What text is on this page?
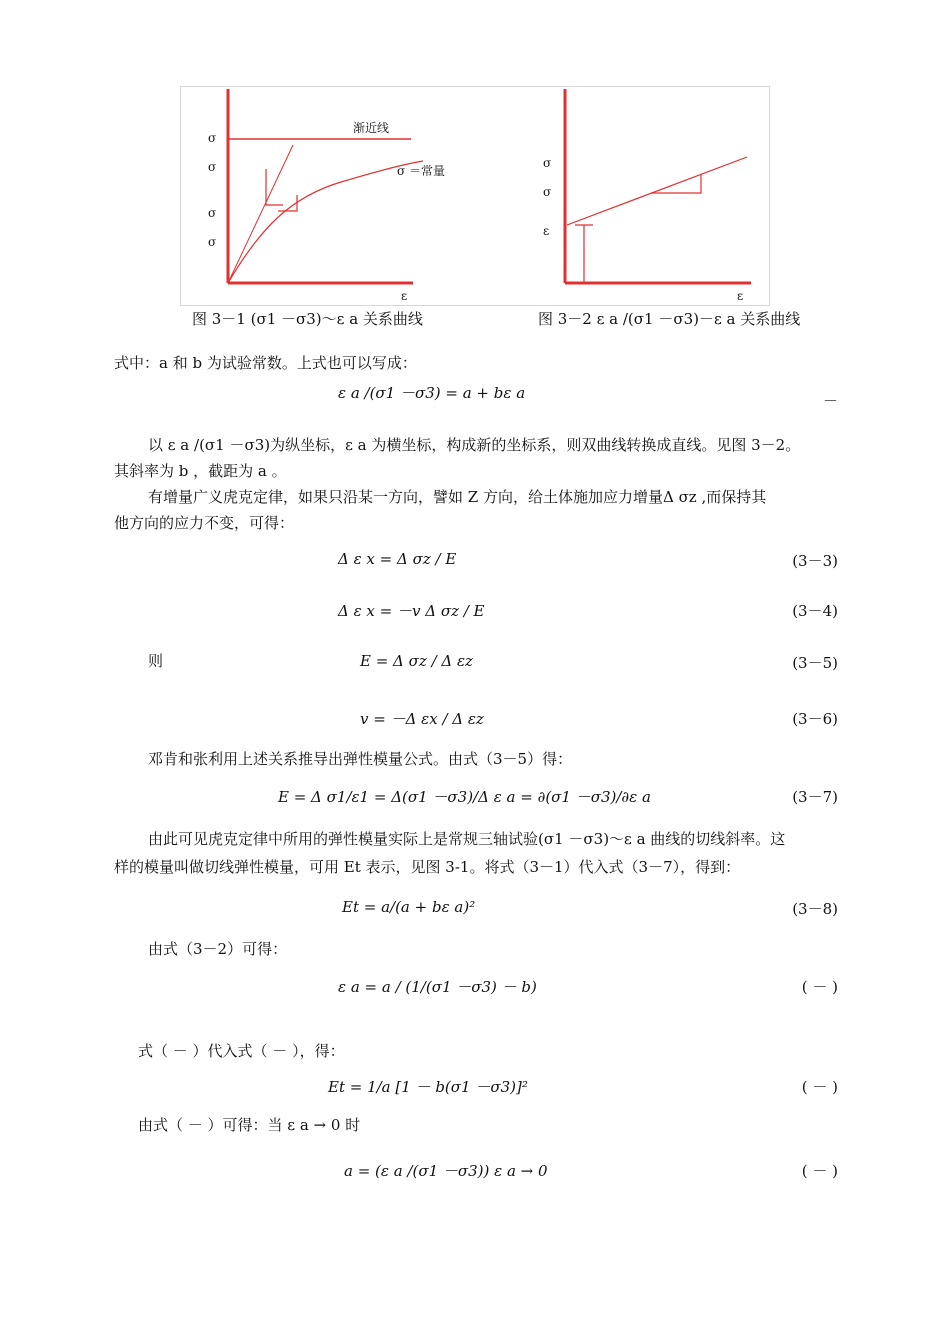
渐近线
σ ＝常量
σ
σ
σ
σ
ε
σ
σ
ε
ε
图 3－1 (σ1 －σ3)～ε a 关系曲线	图 3－2 ε a /(σ1 －σ3)－ε a 关系曲线
式中：a 和 b 为试验常数。上式也可以写成：
ε a /(σ1 －σ3) = a + bε a	－
以 ε a /(σ1 －σ3)为纵坐标，ε a 为横坐标，构成新的坐标系，则双曲线转换成直线。见图 3－2。
其斜率为 b ，截距为 a 。
有增量广义虎克定律，如果只沿某一方向，譬如 Z 方向，给土体施加应力增量Δ σz ,而保持其
他方向的应力不变，可得：
Δ ε x = Δ σz / E	(3－3)
Δ ε x = －v Δ σz / E	(3－4)
则	E = Δ σz / Δ εz	(3－5)
v = －Δ εx / Δ εz	(3－6)
邓肯和张利用上述关系推导出弹性模量公式。由式（3－5）得：
E = Δ σ1/ε1 = Δ(σ1 －σ3)/Δ ε a = ∂(σ1 －σ3)/∂ε a	(3－7)
由此可见虎克定律中所用的弹性模量实际上是常规三轴试验(σ1 －σ3)～ε a 曲线的切线斜率。这
样的模量叫做切线弹性模量，可用 Et 表示，见图 3-1。将式（3－1）代入式（3－7），得到：
Et = a/(a + bε a)²	(3－8)
由式（3－2）可得：
ε a = a / (1/(σ1 －σ3) － b)	( － )
式（ － ）代入式（ － ），得：
Et = 1/a [1 － b(σ1 －σ3)]²	( － )
由式（ － ）可得：当 ε a → 0 时
a = (ε a /(σ1 －σ3)) ε a → 0	( － )
